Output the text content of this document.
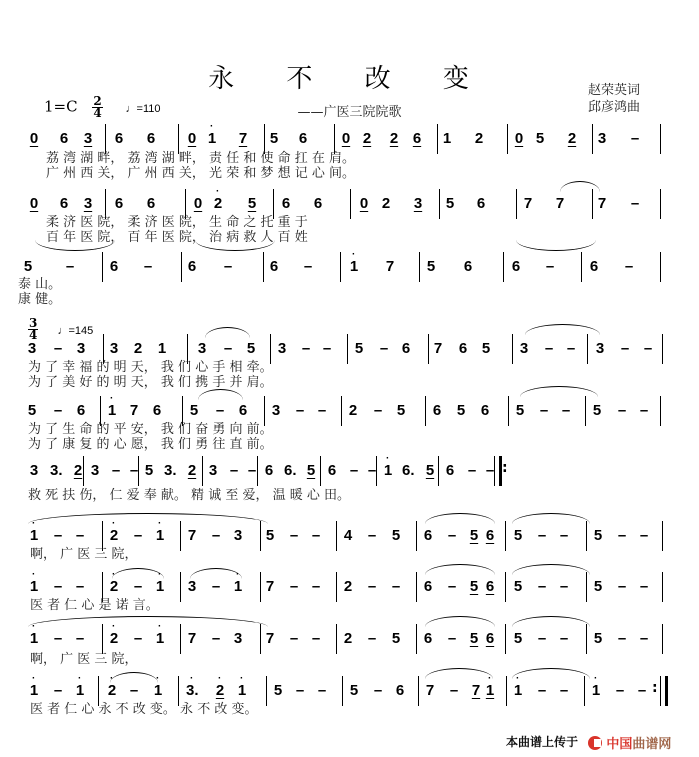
永 不 改 变
——广医三院院歌
赵荣英词
邱彦鸿曲
$1=C \frac{2}{4}$ ♩=110
0 6 3 6 6 0 1
·
7 5 6 0 2 2 6 1 2 0 5 2 3 –
荔 湾 湖 畔， 荔 湾 湖 畔， 责 任 和 使 命 扛 在 肩。
广 州 西 关， 广 州 西 关， 光 荣 和 梦 想 记 心 间。
0 6 3 6 6	0 2
·
5 6 6	0 2 3 5 6	7 7 7 –
柔 济 医 院， 柔 济 医 院， 生 命 之 托 重 于
百 年 医 院， 百 年 医 院， 治 病 救 人 百 姓
5 – 6 – 6 –	6 –	1
·
7 5 6	6 – 6 –
泰 山。
康 健。
$\frac{3}{4}$ ♩=145
3 – 3 3 2 1 3 – 5 3 – – 5 – 6 7 6 5 3 – – 3 – –
为 了 幸 福 的 明 天， 我 们 心 手 相 牵。
为 了 美 好 的 明 天， 我 们 携 手 并 肩。
5 – 6 1
·
7 6 5 – 6 3 – – 2 – 5 6 5 6 5 – – 5 – –
为 了 生 命 的 平 安， 我 们 奋 勇 向 前。
为 了 康 复 的 心 愿， 我 们 勇 往 直 前。
3 3. 2 3 – – 5 3. 2 3 – – 6 6. 5 6 – – 1
·
6. 5 6 – – :
救 死 扶 伤， 仁 爱 奉 献。 精 诚 至 爱， 温 暖 心 田。
1
·
– – 2
·
– 1
·
7 – 3 5 – – 4 – 5 6 – 5 6 5 – – 5 – –
啊， 广 医 三 院，
1
·
– – 2
·
– 1
·
3 – 1
·
7 – – 2 – – 6 – 5 6 5 – – 5 – –
医 者 仁 心 是 诺 言。
1
·
– – 2
·
– 1
·
7 – 3 7 – – 2 – 5 6 – 5 6 5 – – 5 – –
啊， 广 医 三 院，
1
·
– 1
·
2
·
– 1
·
3.
·
2
·
1
·
5 – – 5 – 6 7 – 7 1
·
1
·
– – 1
·
– – :
医 者 仁 心 永 不 改 变。 永 不 改 变。
本曲谱上传于 中国曲谱网
